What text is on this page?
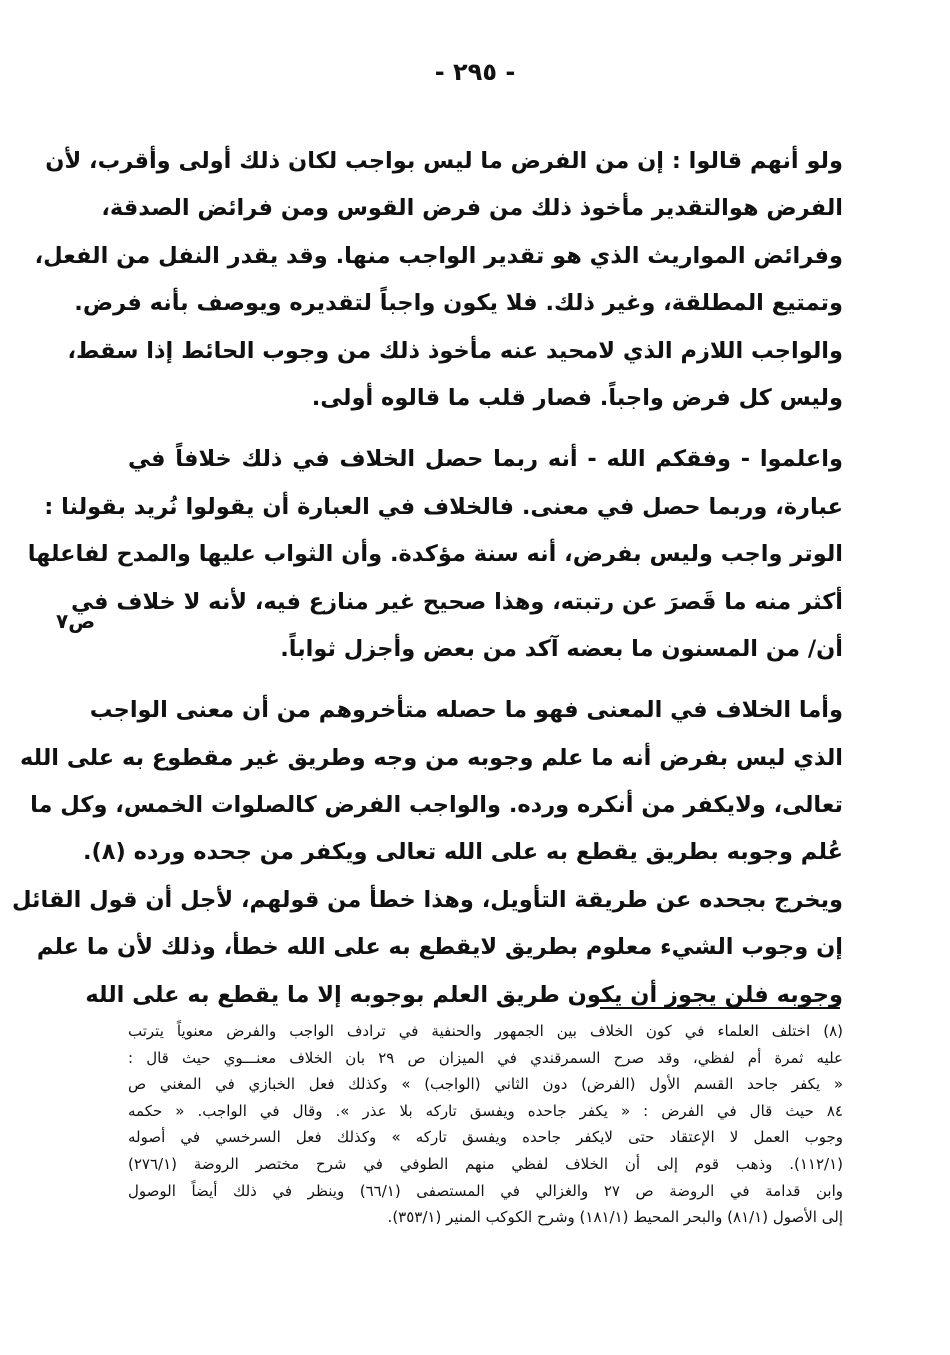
- ٢٩٥ -
ولو أنهم قالوا : إن من الفرض ما ليس بواجب لكان ذلك أولى وأقرب، لأن
الفرض هوالتقدير مأخوذ ذلك من فرض القوس ومن فرائض الصدقة،
وفرائض المواريث الذي هو تقدير الواجب منها. وقد يقدر النفل من الفعل،
وتمتيع المطلقة، وغير ذلك. فلا يكون واجباً لتقديره ويوصف بأنه فرض.
والواجب اللازم الذي لامحيد عنه مأخوذ ذلك من وجوب الحائط إذا سقط،
وليس كل فرض واجباً. فصار قلب ما قالوه أولى.
واعلموا - وفقكم الله - أنه ربما حصل الخلاف في ذلك خلافاً في
عبارة، وربما حصل في معنى. فالخلاف في العبارة أن يقولوا نُريد بقولنا :
الوتر واجب وليس بفرض، أنه سنة مؤكدة. وأن الثواب عليها والمدح لفاعلها
أكثر منه ما قَصرَ عن رتبته، وهذا صحيح غير منازع فيه، لأنه لا خلاف في
أن/ من المسنون ما بعضه آكد من بعض وأجزل ثواباً.
وأما الخلاف في المعنى فهو ما حصله متأخروهم من أن معنى الواجب
الذي ليس بفرض أنه ما علم وجوبه من وجه وطريق غير مقطوع به على الله
تعالى، ولايكفر من أنكره ورده. والواجب الفرض كالصلوات الخمس، وكل ما
عُلم وجوبه بطريق يقطع به على الله تعالى ويكفر من جحده ورده (٨).
ويخرج بجحده عن طريقة التأويل، وهذا خطأ من قولهم، لأجل أن قول القائل
إن وجوب الشيء معلوم بطريق لايقطع به على الله خطأ، وذلك لأن ما علم
وجوبه فلن يجوز أن يكون طريق العلم بوجوبه إلا ما يقطع به على الله
ص٧
(٨) اختلف العلماء في كون الخلاف بين الجمهور والحنفية في ترادف الواجب والفرض معنوياً يترتب
عليه ثمرة أم لفظي، وقد صرح السمرقندي في الميزان ص ٢٩ بان الخلاف معنـــوي حيث قال :
« يكفر جاحد القسم الأول (الفرض) دون الثاني (الواجب) » وكذلك فعل الخبازي في المغني ص
٨٤ حيث قال في الفرض : « يكفر جاحده ويفسق تاركه بلا عذر ». وقال في الواجب. « حكمه
وجوب العمل لا الإعتقاد حتى لايكفر جاحده ويفسق تاركه » وكذلك فعل السرخسي في أصوله
(١١٢/١). وذهب قوم إلى أن الخلاف لفظي منهم الطوفي في شرح مختصر الروضة (٢٧٦/١)
وابن قدامة في الروضة ص ٢٧ والغزالي في المستصفى (٦٦/١) وينظر في ذلك أيضاً الوصول
إلى الأصول (٨١/١) والبحر المحيط (١٨١/١) وشرح الكوكب المنير (٣٥٣/١).
